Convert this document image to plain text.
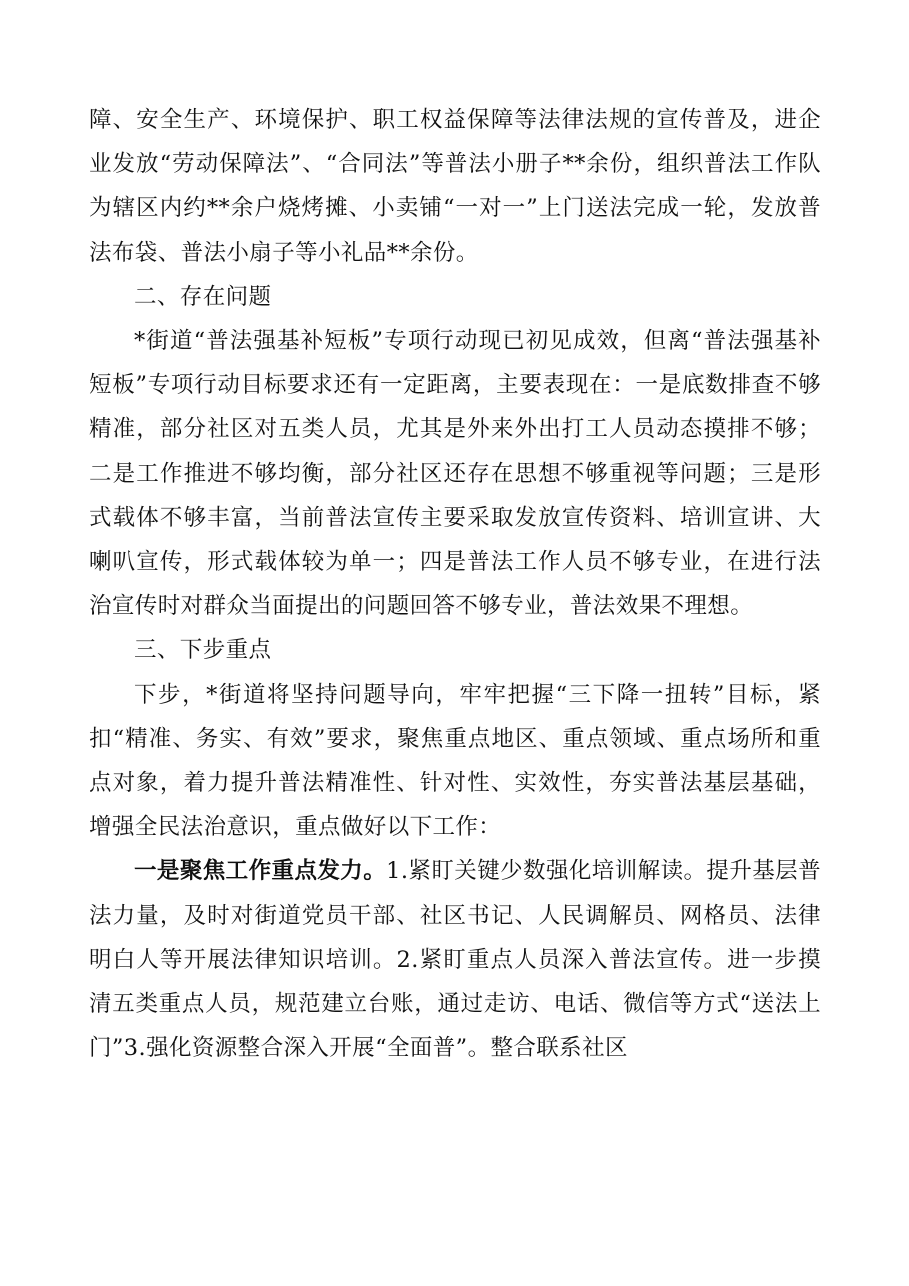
障、安全生产、环境保护、职工权益保障等法律法规的宣传普及，进企业发放“劳动保障法”、“合同法”等普法小册子**余份，组织普法工作队为辖区内约**余户烧烤摊、小卖铺“一对一”上门送法完成一轮，发放普法布袋、普法小扇子等小礼品**余份。

二、存在问题

*街道“普法强基补短板”专项行动现已初见成效，但离“普法强基补短板”专项行动目标要求还有一定距离，主要表现在：一是底数排查不够精准，部分社区对五类人员，尤其是外来外出打工人员动态摸排不够；二是工作推进不够均衡，部分社区还存在思想不够重视等问题；三是形式载体不够丰富，当前普法宣传主要采取发放宣传资料、培训宣讲、大喇叭宣传，形式载体较为单一；四是普法工作人员不够专业，在进行法治宣传时对群众当面提出的问题回答不够专业，普法效果不理想。

三、下步重点

下步，*街道将坚持问题导向，牢牢把握“三下降一扭转”目标，紧扣“精准、务实、有效”要求，聚焦重点地区、重点领域、重点场所和重点对象，着力提升普法精准性、针对性、实效性，夯实普法基层基础，增强全民法治意识，重点做好以下工作：

一是聚焦工作重点发力。1.紧盯关键少数强化培训解读。提升基层普法力量，及时对街道党员干部、社区书记、人民调解员、网格员、法律明白人等开展法律知识培训。2.紧盯重点人员深入普法宣传。进一步摸清五类重点人员，规范建立台账，通过走访、电话、微信等方式“送法上门”3.强化资源整合深入开展“全面普”。整合联系社区
